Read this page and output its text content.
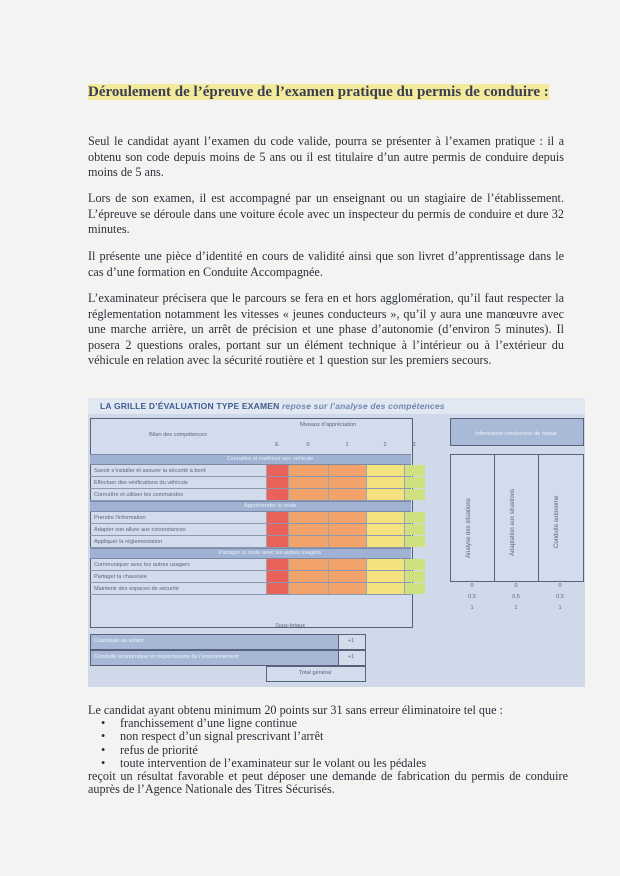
Déroulement de l’épreuve de l’examen pratique du permis de conduire :
Seul le candidat ayant l’examen du code valide, pourra se présenter à l’examen pratique : il a obtenu son code depuis moins de 5 ans ou il est titulaire d’un autre permis de conduire depuis moins de 5 ans.
Lors de son examen, il est accompagné par un enseignant ou un stagiaire de l’établissement. L’épreuve se déroule dans une voiture école avec un inspecteur du permis de conduire et dure 32 minutes.
Il présente une pièce d’identité en cours de validité ainsi que son livret d’apprentissage dans le cas d’une formation en Conduite Accompagnée.
L’examinateur précisera que le parcours se fera en et hors agglomération, qu’il faut respecter la réglementation notamment les vitesses « jeunes conducteurs », qu’il y aura une manœuvre avec une marche arrière, un arrêt de précision et une phase d’autonomie (d’environ 5 minutes). Il posera 2 questions orales, portant sur un élément technique à l’intérieur ou à l’extérieur du véhicule en relation avec la sécurité routière et 1 question sur les premiers secours.
LA GRILLE D’ÉVALUATION TYPE EXAMEN repose sur l’analyse des compétences
Bilan des compétences
Niveaux d’appréciation
E	0	1	2	3
Connaître et maîtriser son véhicule
Savoir s’installer et assurer la sécurité à bord
Effectuer des vérifications du véhicule
Connaître et utiliser les commandes
Appréhender la route
Prendre l’information
Adapter son allure aux circonstances
Appliquer la réglementation
Partager la route avec les autres usagers
Communiquer avec les autres usagers
Partager la chaussée
Maintenir des espaces de sécurité
Information conducteur de risque
Analyse des situations	Adaptation aux situations	Conduite autonome
0	0	0
0,5	0,5	0,5
1	1	1
Sous-totaux
Courtoisie au volant	+1
Conduite économique et respectueuse de l’environnement	+1
Total général

Le candidat ayant obtenu minimum 20 points sur 31 sans erreur éliminatoire tel que :

• franchissement d’une ligne continue
• non respect d’un signal prescrivant l’arrêt
• refus de priorité
• toute intervention de l’examinateur sur le volant ou les pédales

reçoit un résultat favorable et peut déposer une demande de fabrication du permis de conduire auprès de l’Agence Nationale des Titres Sécurisés.
